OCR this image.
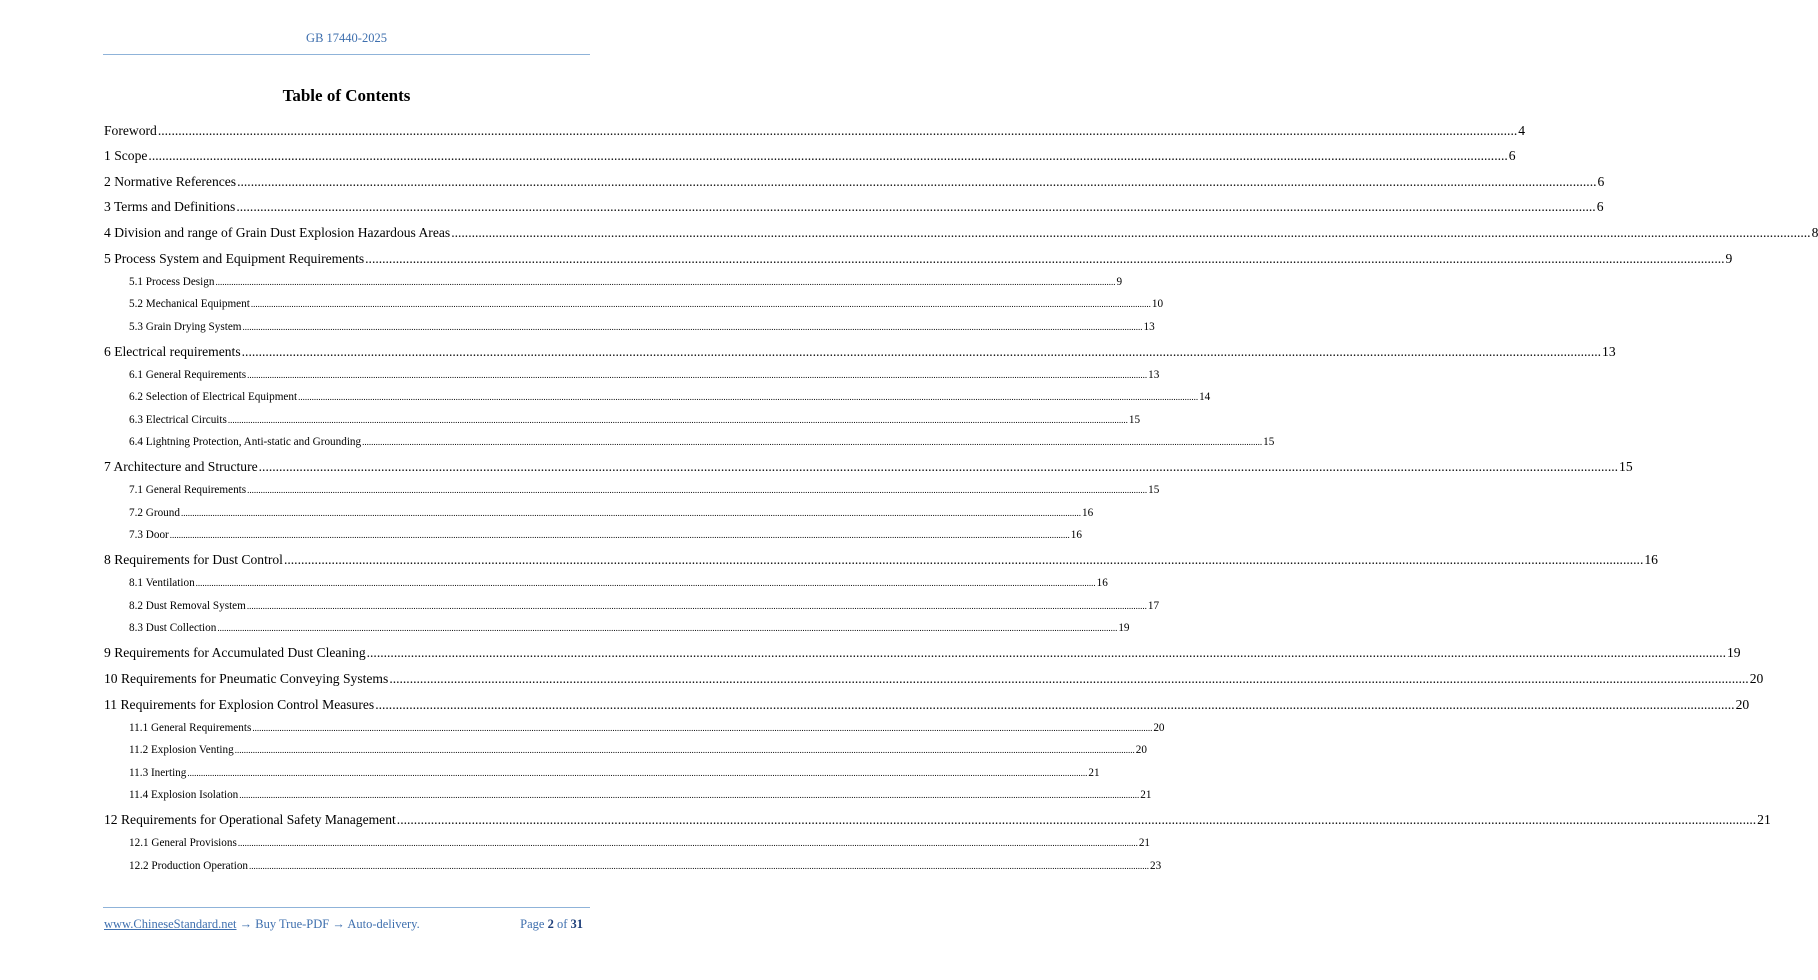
GB 17440-2025
Table of Contents
Foreword ................................................................................................................................................................................................................................................................................................................................................................................................................ 4
1 Scope ................................................................................................................................................................................................................................................................................................................................................................................................................ 6
2 Normative References ................................................................................................................................................................................................................................................................................................................................................................................................................ 6
3 Terms and Definitions ................................................................................................................................................................................................................................................................................................................................................................................................................ 6
4 Division and range of Grain Dust Explosion Hazardous Areas ................................................................................................................................................................................................................................................................................................................................................................................................................ 8
5 Process System and Equipment Requirements ................................................................................................................................................................................................................................................................................................................................................................................................................ 9
5.1 Process Design ................................................................................................................................................................................................................................................................................................................................................................................................................ 9
5.2 Mechanical Equipment ................................................................................................................................................................................................................................................................................................................................................................................................................ 10
5.3 Grain Drying System ................................................................................................................................................................................................................................................................................................................................................................................................................ 13
6 Electrical requirements ................................................................................................................................................................................................................................................................................................................................................................................................................ 13
6.1 General Requirements ................................................................................................................................................................................................................................................................................................................................................................................................................ 13
6.2 Selection of Electrical Equipment ................................................................................................................................................................................................................................................................................................................................................................................................................ 14
6.3 Electrical Circuits ................................................................................................................................................................................................................................................................................................................................................................................................................ 15
6.4 Lightning Protection, Anti-static and Grounding ................................................................................................................................................................................................................................................................................................................................................................................................................ 15
7 Architecture and Structure ................................................................................................................................................................................................................................................................................................................................................................................................................ 15
7.1 General Requirements ................................................................................................................................................................................................................................................................................................................................................................................................................ 15
7.2 Ground ................................................................................................................................................................................................................................................................................................................................................................................................................ 16
7.3 Door ................................................................................................................................................................................................................................................................................................................................................................................................................ 16
8 Requirements for Dust Control ................................................................................................................................................................................................................................................................................................................................................................................................................ 16
8.1 Ventilation ................................................................................................................................................................................................................................................................................................................................................................................................................ 16
8.2 Dust Removal System ................................................................................................................................................................................................................................................................................................................................................................................................................ 17
8.3 Dust Collection ................................................................................................................................................................................................................................................................................................................................................................................................................ 19
9 Requirements for Accumulated Dust Cleaning ................................................................................................................................................................................................................................................................................................................................................................................................................ 19
10 Requirements for Pneumatic Conveying Systems ................................................................................................................................................................................................................................................................................................................................................................................................................ 20
11 Requirements for Explosion Control Measures ................................................................................................................................................................................................................................................................................................................................................................................................................ 20
11.1 General Requirements ................................................................................................................................................................................................................................................................................................................................................................................................................ 20
11.2 Explosion Venting ................................................................................................................................................................................................................................................................................................................................................................................................................ 20
11.3 Inerting ................................................................................................................................................................................................................................................................................................................................................................................................................ 21
11.4 Explosion Isolation ................................................................................................................................................................................................................................................................................................................................................................................................................ 21
12 Requirements for Operational Safety Management ................................................................................................................................................................................................................................................................................................................................................................................................................ 21
12.1 General Provisions ................................................................................................................................................................................................................................................................................................................................................................................................................ 21
12.2 Production Operation ................................................................................................................................................................................................................................................................................................................................................................................................................ 23
www.ChineseStandard.net → Buy True-PDF → Auto-delivery.	Page 2 of 31
